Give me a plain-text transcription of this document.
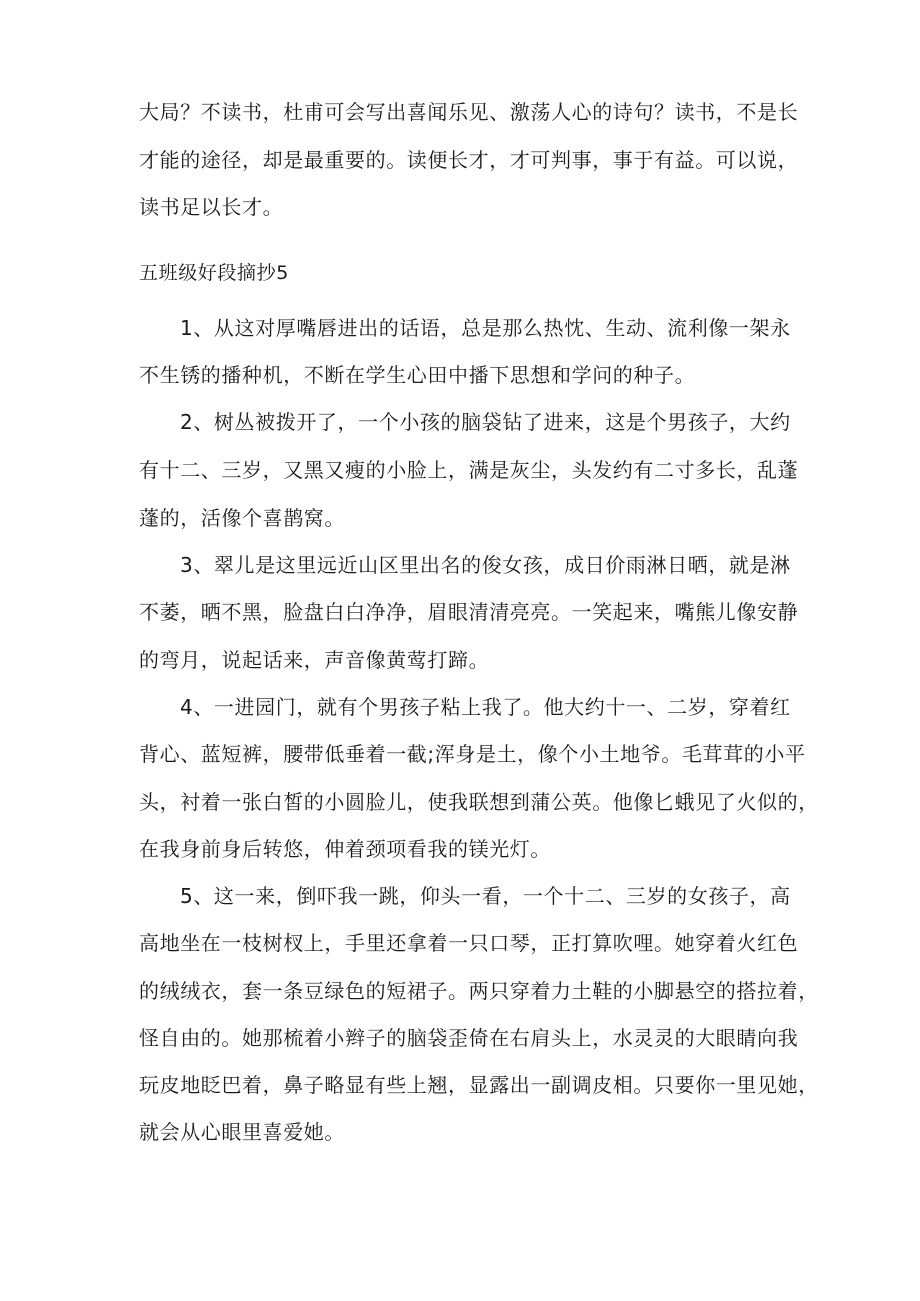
大局？不读书，杜甫可会写出喜闻乐见、激荡人心的诗句？读书，不是长
才能的途径，却是最重要的。读便长才，才可判事，事于有益。可以说，
读书足以长才。
五班级好段摘抄5
1、从这对厚嘴唇进出的话语，总是那么热忱、生动、流利像一架永
不生锈的播种机，不断在学生心田中播下思想和学问的种子。
2、树丛被拨开了，一个小孩的脑袋钻了进来，这是个男孩子，大约
有十二、三岁，又黑又瘦的小脸上，满是灰尘，头发约有二寸多长，乱蓬
蓬的，活像个喜鹊窝。
3、翠儿是这里远近山区里出名的俊女孩，成日价雨淋日晒，就是淋
不萎，晒不黑，脸盘白白净净，眉眼清清亮亮。一笑起来，嘴熊儿像安静
的弯月，说起话来，声音像黄莺打蹄。
4、一进园门，就有个男孩子粘上我了。他大约十一、二岁，穿着红
背心、蓝短裤，腰带低垂着一截;浑身是土，像个小土地爷。毛茸茸的小平
头，衬着一张白皙的小圆脸儿，使我联想到蒲公英。他像匕蛾见了火似的，
在我身前身后转悠，伸着颈项看我的镁光灯。
5、这一来，倒吓我一跳，仰头一看，一个十二、三岁的女孩子，高
高地坐在一枝树杈上，手里还拿着一只口琴，正打算吹哩。她穿着火红色
的绒绒衣，套一条豆绿色的短裙子。两只穿着力土鞋的小脚悬空的搭拉着，
怪自由的。她那梳着小辫子的脑袋歪倚在右肩头上，水灵灵的大眼睛向我
玩皮地眨巴着，鼻子略显有些上翘，显露出一副调皮相。只要你一里见她，
就会从心眼里喜爱她。
